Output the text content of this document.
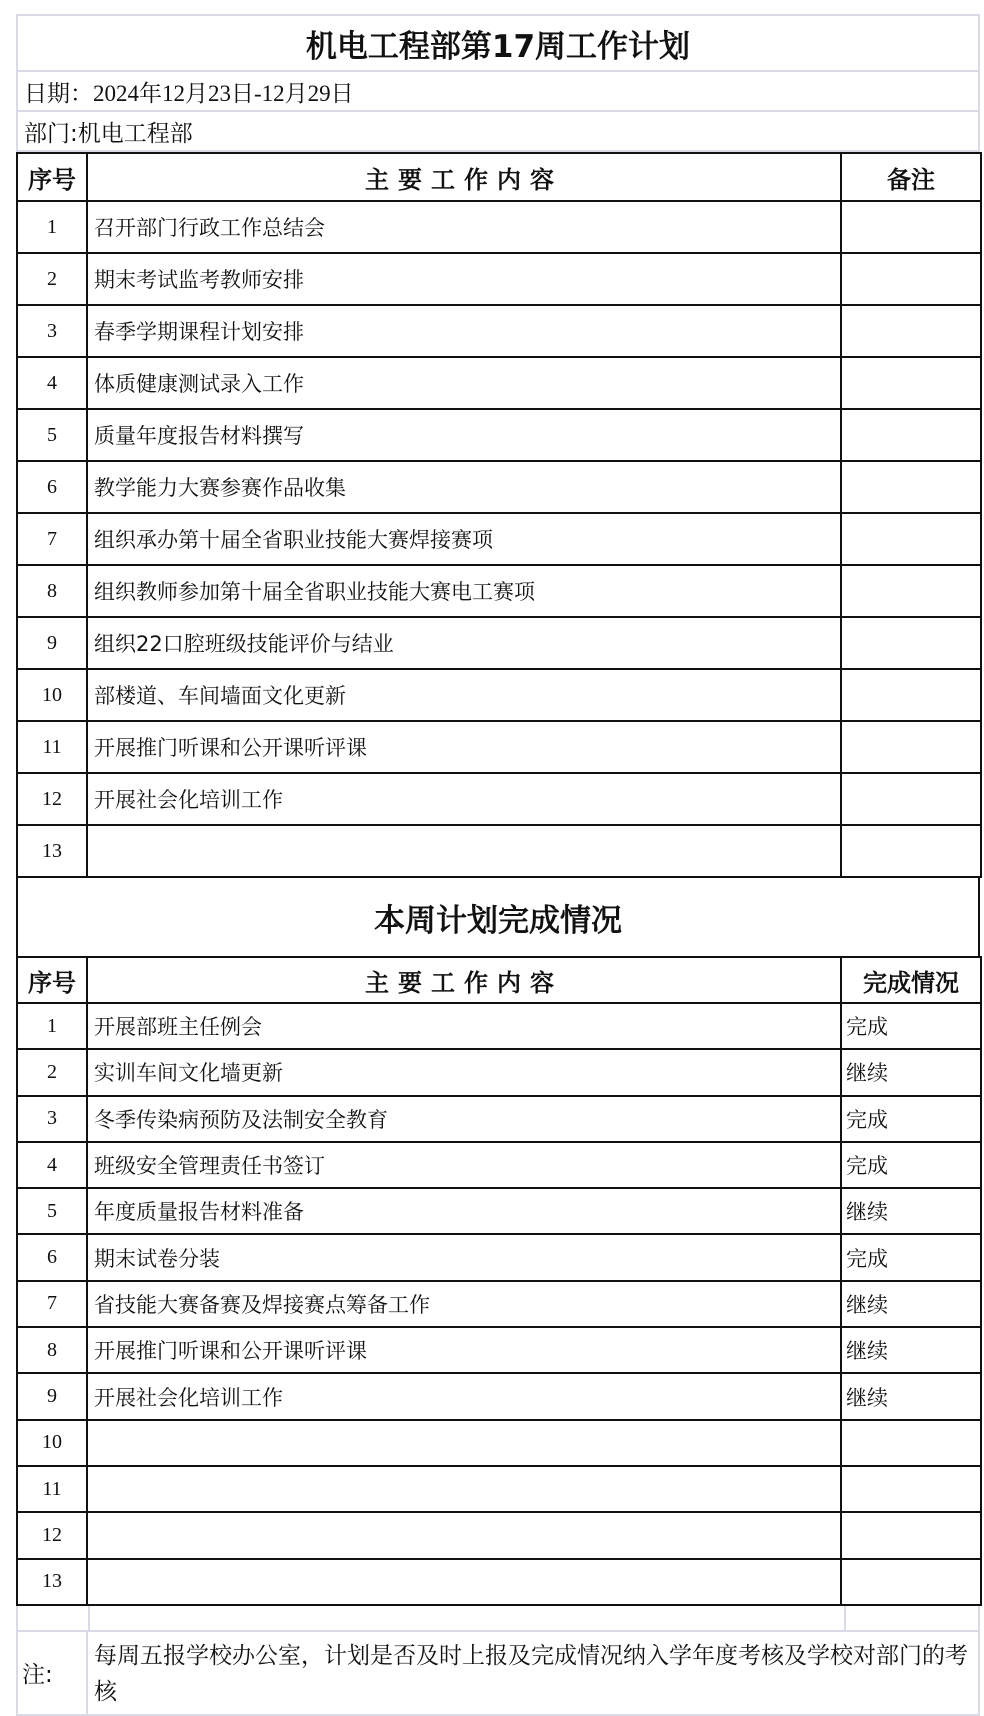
机电工程部第17周工作计划
日期： 2024年12月23日-12月29日
部门: 机电工程部
序号	主要工作内容	备注
1	召开部门行政工作总结会	
2	期末考试监考教师安排	
3	春季学期课程计划安排	
4	体质健康测试录入工作	
5	质量年度报告材料撰写	
6	教学能力大赛参赛作品收集	
7	组织承办第十届全省职业技能大赛焊接赛项	
8	组织教师参加第十届全省职业技能大赛电工赛项	
9	组织22口腔班级技能评价与结业	
10	部楼道、车间墙面文化更新	
11	开展推门听课和公开课听评课	
12	开展社会化培训工作	
13		
本周计划完成情况
序号	主要工作内容	完成情况
1	开展部班主任例会	完成
2	实训车间文化墙更新	继续
3	冬季传染病预防及法制安全教育	完成
4	班级安全管理责任书签订	完成
5	年度质量报告材料准备	继续
6	期末试卷分装	完成
7	省技能大赛备赛及焊接赛点筹备工作	继续
8	开展推门听课和公开课听评课	继续
9	开展社会化培训工作	继续
10		
11		
12		
13		
注:
每周五报学校办公室，计划是否及时上报及完成情况纳入学年度考核及学校对部门的考核
